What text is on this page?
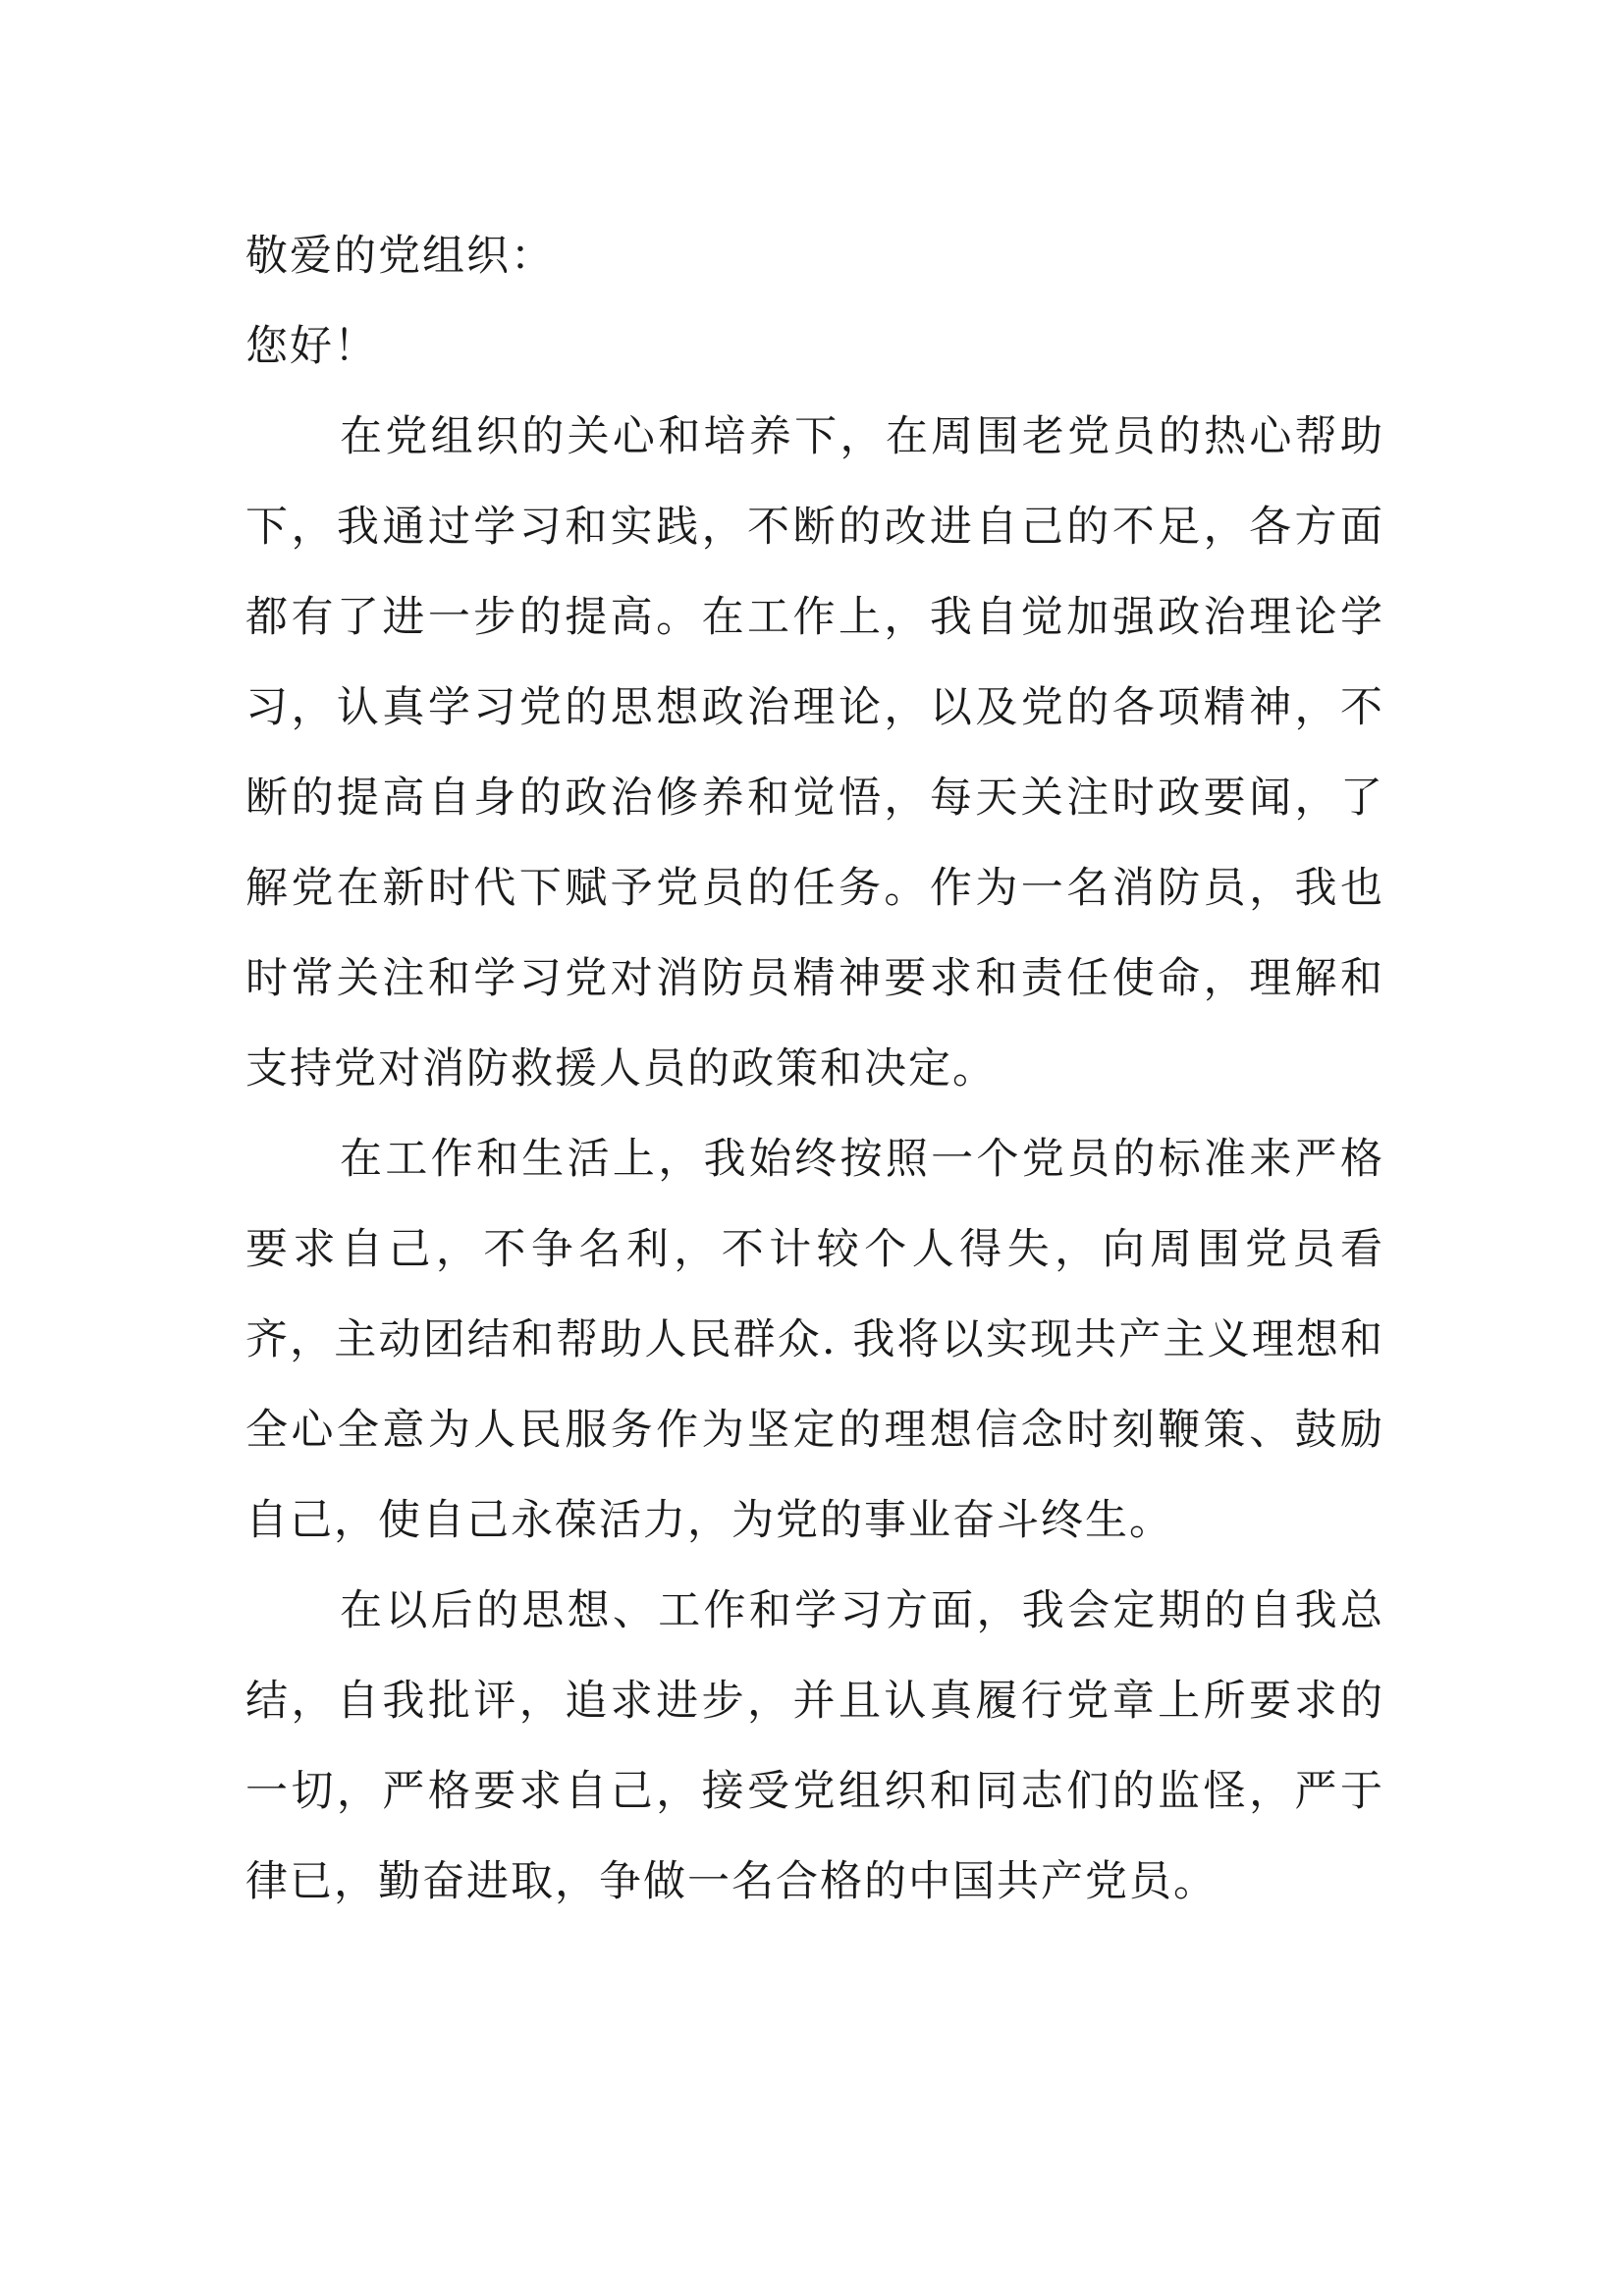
敬爱的党组织：

您好！

在党组织的关心和培养下，在周围老党员的热心帮助下，我通过学习和实践，不断的改进自己的不足，各方面都有了进一步的提高。在工作上，我自觉加强政治理论学习，认真学习党的思想政治理论，以及党的各项精神，不断的提高自身的政治修养和觉悟，每天关注时政要闻，了解党在新时代下赋予党员的任务。作为一名消防员，我也时常关注和学习党对消防员精神要求和责任使命，理解和支持党对消防救援人员的政策和决定。

在工作和生活上，我始终按照一个党员的标准来严格要求自己，不争名利，不计较个人得失，向周围党员看齐，主动团结和帮助人民群众. 我将以实现共产主义理想和全心全意为人民服务作为坚定的理想信念时刻鞭策、鼓励自己，使自己永葆活力，为党的事业奋斗终生。

在以后的思想、工作和学习方面，我会定期的自我总结，自我批评，追求进步，并且认真履行党章上所要求的一切，严格要求自己，接受党组织和同志们的监怪，严于律已，勤奋进取，争做一名合格的中国共产党员。
